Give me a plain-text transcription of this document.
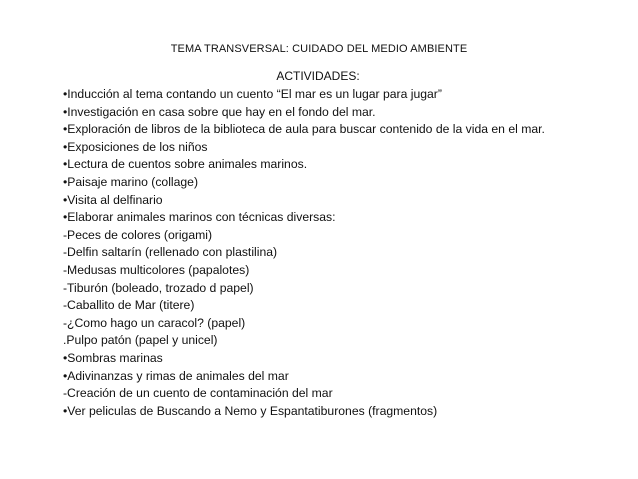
TEMA TRANSVERSAL: CUIDADO DEL MEDIO AMBIENTE
ACTIVIDADES:
•Inducción al tema contando un cuento “El mar es un lugar para jugar”
•Investigación en casa sobre que hay en el fondo del mar.
•Exploración de libros de la biblioteca de aula para buscar contenido de la vida en el mar.
•Exposiciones de los niños
•Lectura de cuentos sobre animales marinos.
•Paisaje marino (collage)
•Visita al delfinario
•Elaborar animales marinos con técnicas diversas:
-Peces de colores (origami)
-Delfin saltarín (rellenado con plastilina)
-Medusas multicolores (papalotes)
-Tiburón (boleado, trozado d papel)
-Caballito de Mar (titere)
-¿Como hago un caracol? (papel)
.Pulpo patón (papel y unicel)
•Sombras marinas
•Adivinanzas y rimas de animales del mar
-Creación de un cuento de contaminación del mar
•Ver peliculas de Buscando a Nemo y Espantatiburones (fragmentos)
